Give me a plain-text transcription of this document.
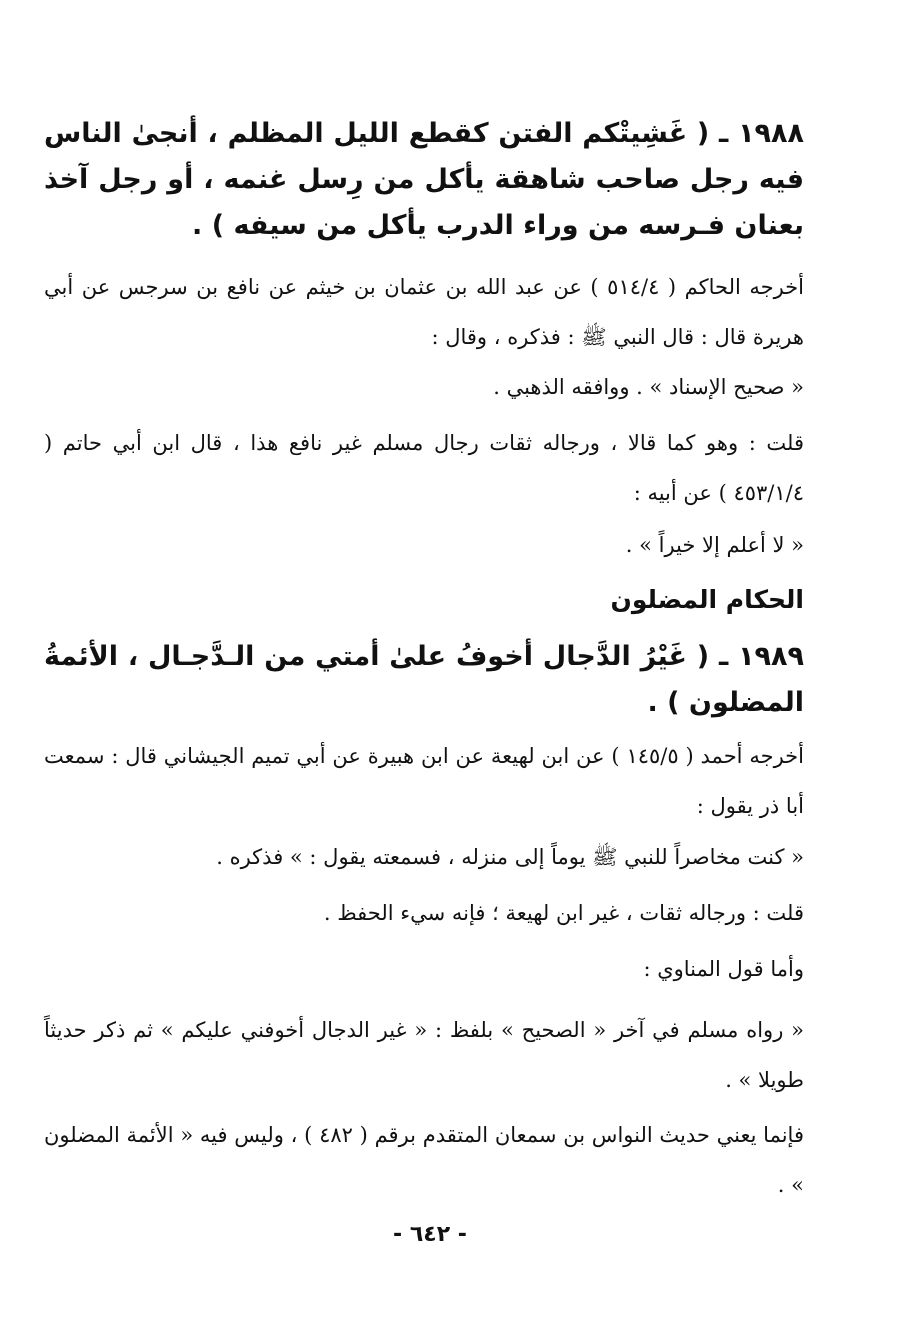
١٩٨٨ ـ ( غَشِيتْكم الفتن كقطع الليل المظلم ، أنجىٰ الناس فيه رجل صاحب شاهقة يأكل من رِسل غنمه ، أو رجل آخذ بعنان فـرسه من وراء الدرب يأكل من سيفه ) .
أخرجه الحاكم ( ٥١٤/٤ ) عن عبد الله بن عثمان بن خيثم عن نافع بن سرجس عن أبي هريرة قال : قال النبي ﷺ : فذكره ، وقال :
« صحيح الإسناد » . ووافقه الذهبي .
قلت : وهو كما قالا ، ورجاله ثقات رجال مسلم غير نافع هذا ، قال ابن أبي حاتم ( ٤٥٣/١/٤ ) عن أبيه :
« لا أعلم إلا خيراً » .
الحكام المضلون
١٩٨٩ ـ ( غَيْرُ الدَّجال أخوفُ علىٰ أمتي من الـدَّجـال ، الأئمةُ المضلون ) .
أخرجه أحمد ( ١٤٥/٥ ) عن ابن لهيعة عن ابن هبيرة عن أبي تميم الجيشاني قال : سمعت أبا ذر يقول :
« كنت مخاصراً للنبي ﷺ يوماً إلى منزله ، فسمعته يقول : » فذكره .
قلت : ورجاله ثقات ، غير ابن لهيعة ؛ فإنه سيء الحفظ .
وأما قول المناوي :
« رواه مسلم في آخر « الصحيح » بلفظ : « غير الدجال أخوفني عليكم » ثم ذكر حديثاً طويلا » .
فإنما يعني حديث النواس بن سمعان المتقدم برقم ( ٤٨٢ ) ، وليس فيه « الأئمة المضلون » .
- ٦٤٢ -
